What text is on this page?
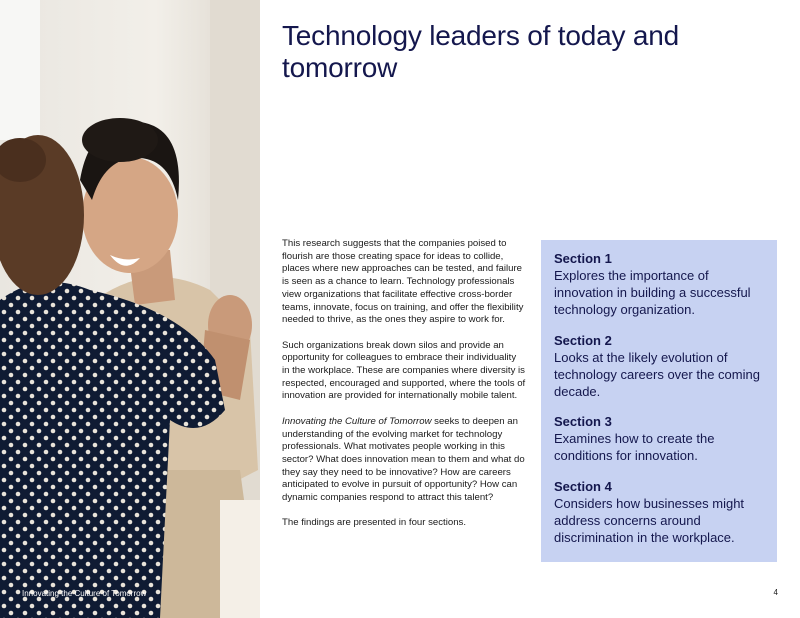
Innovating the Culture of Tomorrow	4
Technology leaders of today and tomorrow

This research suggests that the companies poised to flourish are those creating space for ideas to collide, places where new approaches can be tested, and failure is seen as a chance to learn. Technology professionals view organizations that facilitate effective cross-border teams, innovate, focus on training, and offer the flexibility needed to thrive, as the ones they aspire to work for.

Such organizations break down silos and provide an opportunity for colleagues to embrace their individuality in the workplace. These are companies where diversity is respected, encouraged and supported, where the tools of innovation are provided for internationally mobile talent.

Innovating the Culture of Tomorrow seeks to deepen an understanding of the evolving market for technology professionals. What motivates people working in this sector? What does innovation mean to them and what do they say they need to be innovative? How are careers anticipated to evolve in pursuit of opportunity? How can dynamic companies respond to attract this talent?

The findings are presented in four sections.

Section 1
Explores the importance of innovation in building a successful technology organization.
Section 2
Looks at the likely evolution of technology careers over the coming decade.
Section 3
Examines how to create the conditions for innovation.
Section 4
Considers how businesses might address concerns around discrimination in the workplace.
